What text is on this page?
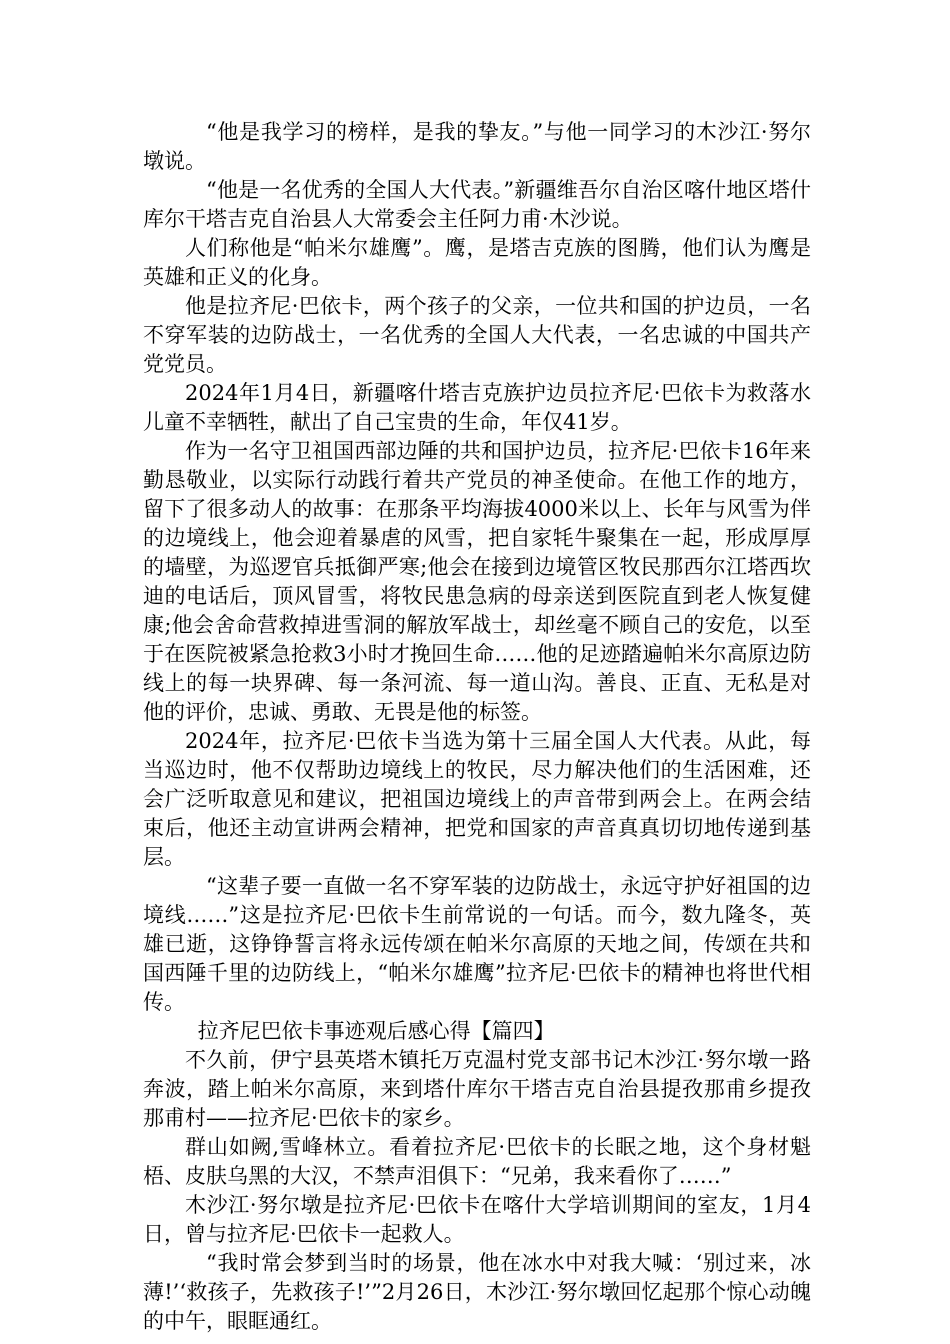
“他是我学习的榜样，是我的挚友。”与他一同学习的木沙江·努尔墩说。

“他是一名优秀的全国人大代表。”新疆维吾尔自治区喀什地区塔什库尔干塔吉克自治县人大常委会主任阿力甫·木沙说。

人们称他是“帕米尔雄鹰”。鹰，是塔吉克族的图腾，他们认为鹰是英雄和正义的化身。

他是拉齐尼·巴依卡，两个孩子的父亲，一位共和国的护边员，一名不穿军装的边防战士，一名优秀的全国人大代表，一名忠诚的中国共产党党员。

2024年1月4日，新疆喀什塔吉克族护边员拉齐尼·巴依卡为救落水儿童不幸牺牲，献出了自己宝贵的生命，年仅41岁。

作为一名守卫祖国西部边陲的共和国护边员，拉齐尼·巴依卡16年来勤恳敬业，以实际行动践行着共产党员的神圣使命。在他工作的地方，留下了很多动人的故事：在那条平均海拔4000米以上、长年与风雪为伴的边境线上，他会迎着暴虐的风雪，把自家牦牛聚集在一起，形成厚厚的墙壁，为巡逻官兵抵御严寒;他会在接到边境管区牧民那西尔江塔西坎迪的电话后，顶风冒雪，将牧民患急病的母亲送到医院直到老人恢复健康;他会舍命营救掉进雪洞的解放军战士，却丝毫不顾自己的安危，以至于在医院被紧急抢救3小时才挽回生命……他的足迹踏遍帕米尔高原边防线上的每一块界碑、每一条河流、每一道山沟。善良、正直、无私是对他的评价，忠诚、勇敢、无畏是他的标签。

2024年，拉齐尼·巴依卡当选为第十三届全国人大代表。从此，每当巡边时，他不仅帮助边境线上的牧民，尽力解决他们的生活困难，还会广泛听取意见和建议，把祖国边境线上的声音带到两会上。在两会结束后，他还主动宣讲两会精神，把党和国家的声音真真切切地传递到基层。

“这辈子要一直做一名不穿军装的边防战士，永远守护好祖国的边境线……”这是拉齐尼·巴依卡生前常说的一句话。而今，数九隆冬，英雄已逝，这铮铮誓言将永远传颂在帕米尔高原的天地之间，传颂在共和国西陲千里的边防线上，“帕米尔雄鹰”拉齐尼·巴依卡的精神也将世代相传。

拉齐尼巴依卡事迹观后感心得【篇四】

不久前，伊宁县英塔木镇托万克温村党支部书记木沙江·努尔墩一路奔波，踏上帕米尔高原，来到塔什库尔干塔吉克自治县提孜那甫乡提孜那甫村——拉齐尼·巴依卡的家乡。

群山如阙,雪峰林立。看着拉齐尼·巴依卡的长眠之地，这个身材魁梧、皮肤乌黑的大汉，不禁声泪俱下：“兄弟，我来看你了……”

木沙江·努尔墩是拉齐尼·巴依卡在喀什大学培训期间的室友，1月4日，曾与拉齐尼·巴依卡一起救人。

“我时常会梦到当时的场景，他在冰水中对我大喊：‘别过来，冰薄!’‘救孩子，先救孩子!’”2月26日，木沙江·努尔墩回忆起那个惊心动魄的中午，眼眶通红。
